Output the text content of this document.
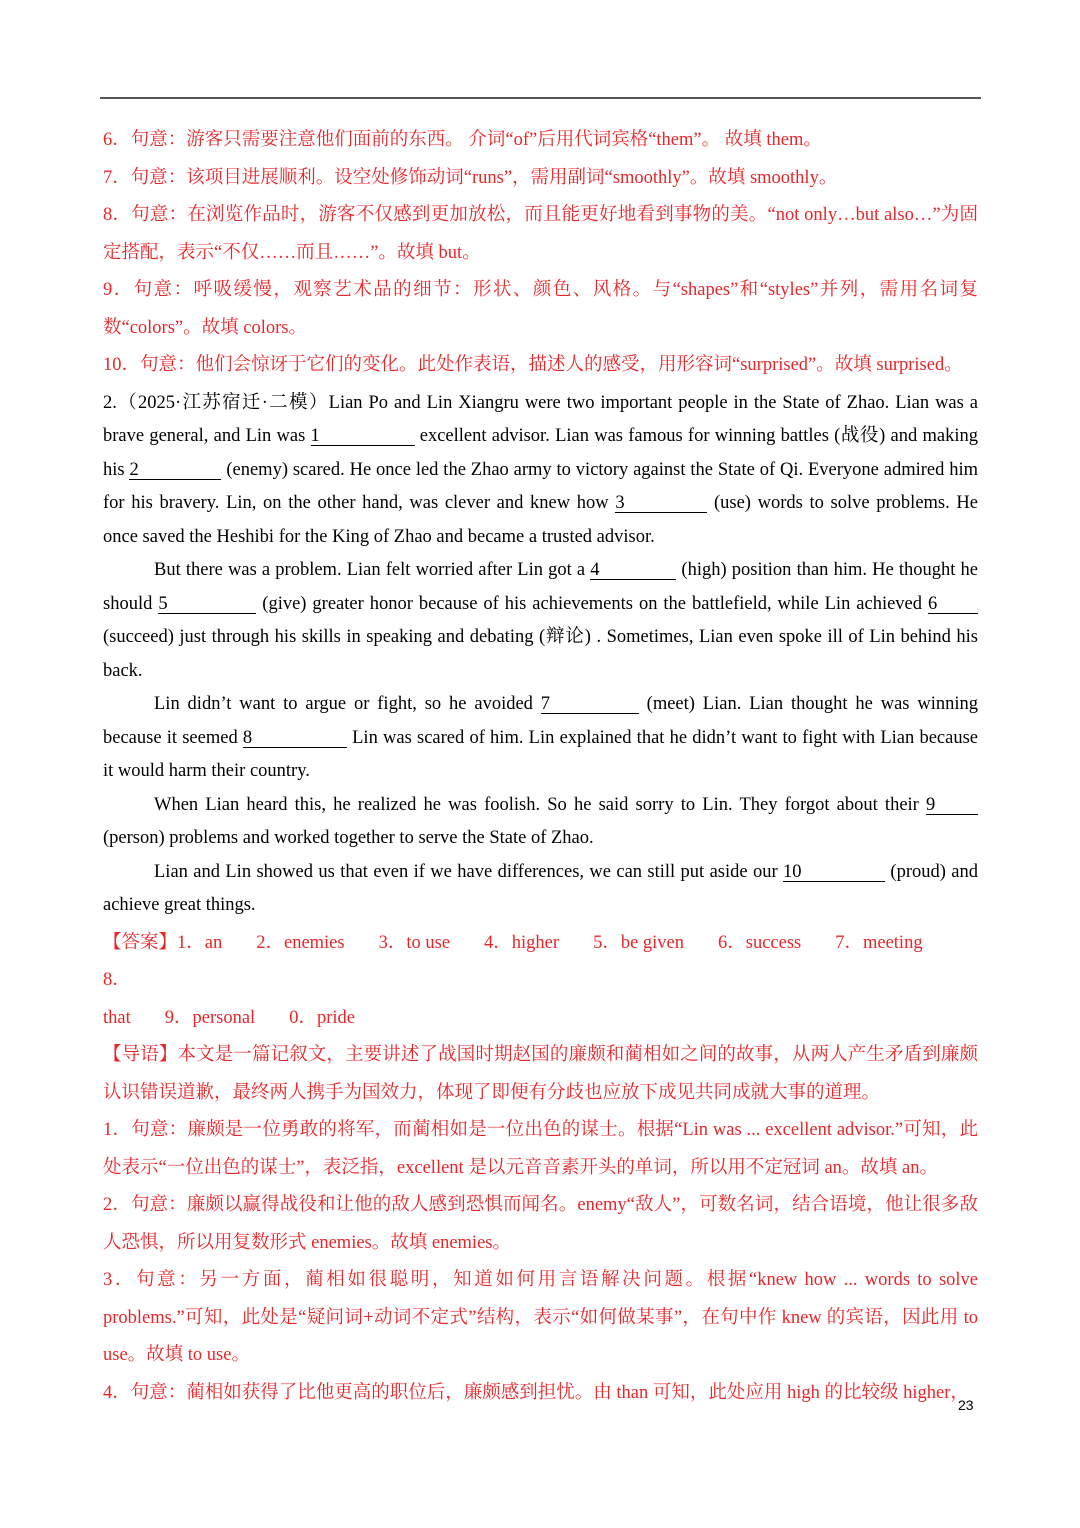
6．句意：游客只需要注意他们面前的东西。 介词“of”后用代词宾格“them”。 故填 them。
7．句意：该项目进展顺利。设空处修饰动词“runs”，需用副词“smoothly”。故填 smoothly。
8．句意：在浏览作品时，游客不仅感到更加放松，而且能更好地看到事物的美。“not only…but also…”为固定搭配，表示“不仅……而且……”。故填 but。
9．句意：呼吸缓慢，观察艺术品的细节：形状、颜色、风格。与“shapes”和“styles”并列，需用名词复数“colors”。故填 colors。
10．句意：他们会惊讶于它们的变化。此处作表语，描述人的感受，用形容词“surprised”。故填 surprised。
2.（2025·江苏宿迁·二模）Lian Po and Lin Xiangru were two important people in the State of Zhao. Lian was a brave general, and Lin was 1	excellent advisor. Lian was famous for winning battles (战役) and making his 2	(enemy) scared. He once led the Zhao army to victory against the State of Qi. Everyone admired him for his bravery. Lin, on the other hand, was clever and knew how 3	(use) words to solve problems. He once saved the Heshibi for the King of Zhao and became a trusted advisor.
But there was a problem. Lian felt worried after Lin got a 4	(high) position than him. He thought he should 5	(give) greater honor because of his achievements on the battlefield, while Lin achieved 6 (succeed) just through his skills in speaking and debating (辩论) . Sometimes, Lian even spoke ill of Lin behind his back.
Lin didn’t want to argue or fight, so he avoided 7	(meet) Lian. Lian thought he was winning because it seemed 8	Lin was scared of him. Lin explained that he didn’t want to fight with Lian because it would harm their country.
When Lian heard this, he realized he was foolish. So he said sorry to Lin. They forgot about their 9 (person) problems and worked together to serve the State of Zhao.
Lian and Lin showed us that even if we have differences, we can still put aside our 10	(proud) and achieve great things.
【答案】1．an 2．enemies 3．to use 4．higher 5．be given 6．success 7．meeting8．
that 9．personal 0．pride
【导语】本文是一篇记叙文，主要讲述了战国时期赵国的廉颇和蔺相如之间的故事，从两人产生矛盾到廉颇认识错误道歉，最终两人携手为国效力，体现了即便有分歧也应放下成见共同成就大事的道理。
1．句意：廉颇是一位勇敢的将军，而蔺相如是一位出色的谋士。根据“Lin was ... excellent advisor.”可知，此处表示“一位出色的谋士”，表泛指，excellent 是以元音音素开头的单词，所以用不定冠词 an。故填 an。
2．句意：廉颇以赢得战役和让他的敌人感到恐惧而闻名。enemy“敌人”，可数名词，结合语境，他让很多敌人恐惧，所以用复数形式 enemies。故填 enemies。
3．句意：另一方面，蔺相如很聪明，知道如何用言语解决问题。根据“knew how ... words to solve problems.”可知，此处是“疑问词+动词不定式”结构，表示“如何做某事”，在句中作 knew 的宾语，因此用 to use。故填 to use。
4．句意：蔺相如获得了比他更高的职位后，廉颇感到担忧。由 than 可知，此处应用 high 的比较级 higher，
23
